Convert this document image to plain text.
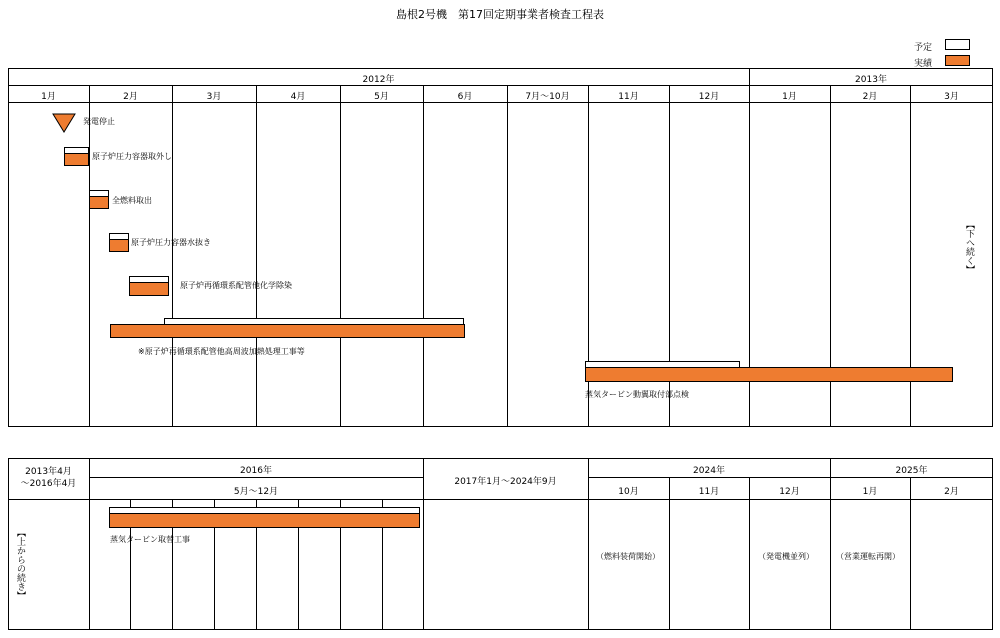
島根2号機　第17回定期事業者検査工程表
予定
実績
2012年	2013年
1月	2月	3月	4月	5月	6月	7月～10月	11月	12月	1月	2月	3月
発電停止
原子炉圧力容器取外し
全燃料取出
原子炉圧力容器水抜き
原子炉再循環系配管他化学除染
※原子炉再循環系配管他高周波加熱処理工事等
蒸気タービン動翼取付部点検
【下へ続く】
2013年4月
～2016年4月
2016年
5月～12月
2017年1月～2024年9月
2024年	2025年
10月	11月	12月	1月	2月
【上からの続き】	蒸気タービン取替工事
（燃料装荷開始）	（発電機並列）	（営業運転再開）
